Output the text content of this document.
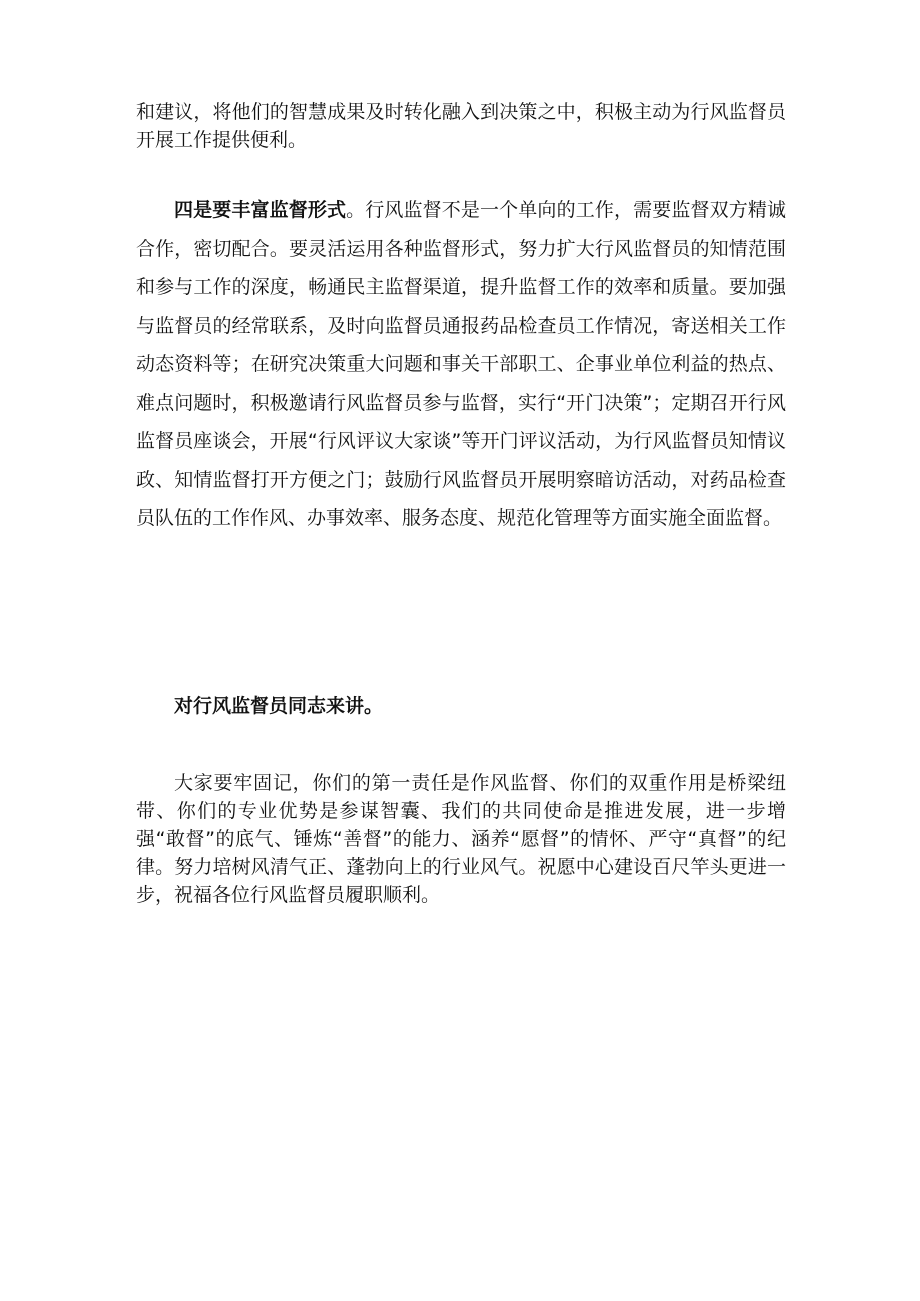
和建议，将他们的智慧成果及时转化融入到决策之中，积极主动为行风监督员开展工作提供便利。

四是要丰富监督形式。行风监督不是一个单向的工作，需要监督双方精诚合作，密切配合。要灵活运用各种监督形式，努力扩大行风监督员的知情范围和参与工作的深度，畅通民主监督渠道，提升监督工作的效率和质量。要加强与监督员的经常联系，及时向监督员通报药品检查员工作情况，寄送相关工作动态资料等；在研究决策重大问题和事关干部职工、企事业单位利益的热点、难点问题时，积极邀请行风监督员参与监督，实行“开门决策”；定期召开行风监督员座谈会，开展“行风评议大家谈”等开门评议活动，为行风监督员知情议政、知情监督打开方便之门；鼓励行风监督员开展明察暗访活动，对药品检查员队伍的工作作风、办事效率、服务态度、规范化管理等方面实施全面监督。

对行风监督员同志来讲。

大家要牢固记，你们的第一责任是作风监督、你们的双重作用是桥梁纽带、你们的专业优势是参谋智囊、我们的共同使命是推进发展，进一步增强“敢督”的底气、锤炼“善督”的能力、涵养“愿督”的情怀、严守“真督”的纪律。努力培树风清气正、蓬勃向上的行业风气。祝愿中心建设百尺竿头更进一步，祝福各位行风监督员履职顺利。
